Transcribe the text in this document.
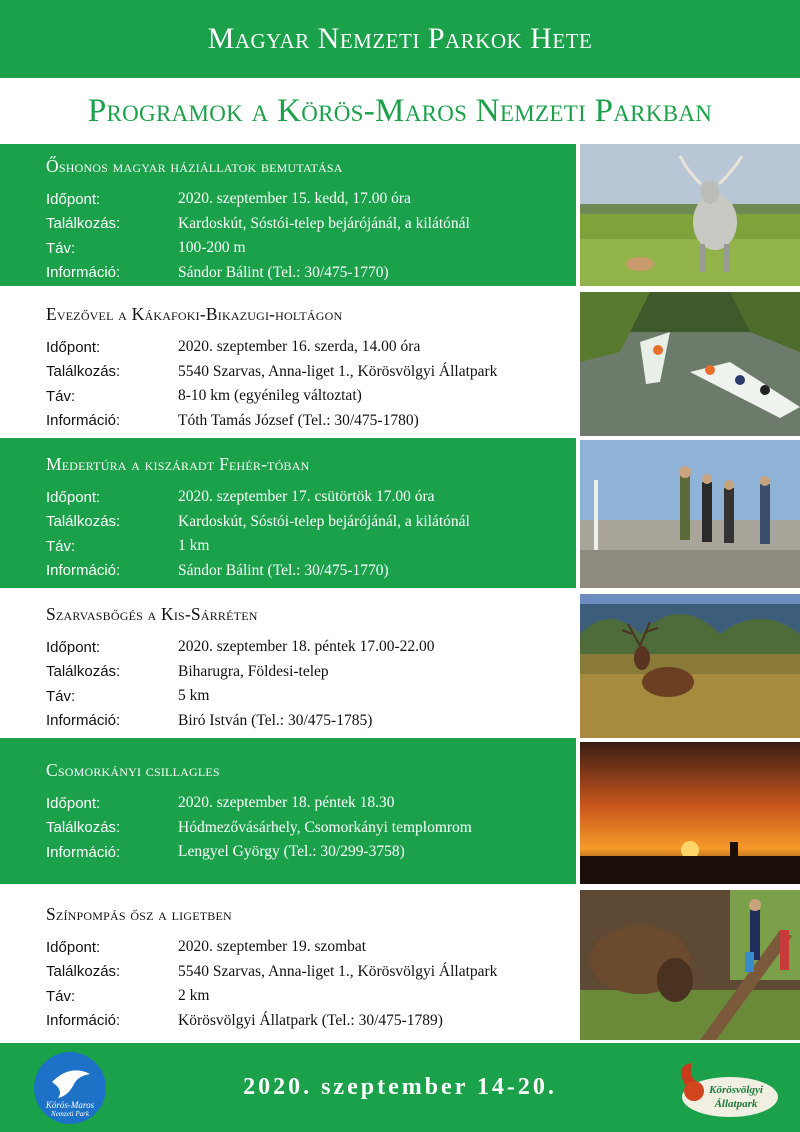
Magyar Nemzeti Parkok Hete
Programok a Körös-Maros Nemzeti Parkban
Őshonos magyar háziállatok bemutatása
Időpont:	2020. szeptember 15. kedd, 17.00 óra
Találkozás:	Kardoskút, Sóstói-telep bejárójánál, a kilátónál
Táv:	100-200 m
Információ:	Sándor Bálint (Tel.: 30/475-1770)
Evezővel a Kákafoki-Bikazugi-holtágon
Időpont:	2020. szeptember 16. szerda, 14.00 óra
Találkozás:	5540 Szarvas, Anna-liget 1., Körösvölgyi Állatpark
Táv:	8-10 km (egyénileg változtat)
Információ:	Tóth Tamás József (Tel.: 30/475-1780)
Medertúra a kiszáradt Fehér-tóban
Időpont:	2020. szeptember 17. csütörtök 17.00 óra
Találkozás:	Kardoskút, Sóstói-telep bejárójánál, a kilátónál
Táv:	1 km
Információ:	Sándor Bálint (Tel.: 30/475-1770)
Szarvasbőgés a Kis-Sárréten
Időpont:	2020. szeptember 18. péntek 17.00-22.00
Találkozás:	Biharugra, Földesi-telep
Táv:	5 km
Információ:	Biró István (Tel.: 30/475-1785)
Csomorkányi csillagles
Időpont:	2020. szeptember 18. péntek 18.30
Találkozás:	Hódmezővásárhely, Csomorkányi templomrom
Információ:	Lengyel György (Tel.: 30/299-3758)
Színpompás ősz a ligetben
Időpont:	2020. szeptember 19. szombat
Találkozás:	5540 Szarvas, Anna-liget 1., Körösvölgyi Állatpark
Táv:	2 km
Információ:	Körösvölgyi Állatpark (Tel.: 30/475-1789)
Körös-Maros
Nemzeti Park
2020. szeptember 14-20.	Körösvölgyi
Állatpark
